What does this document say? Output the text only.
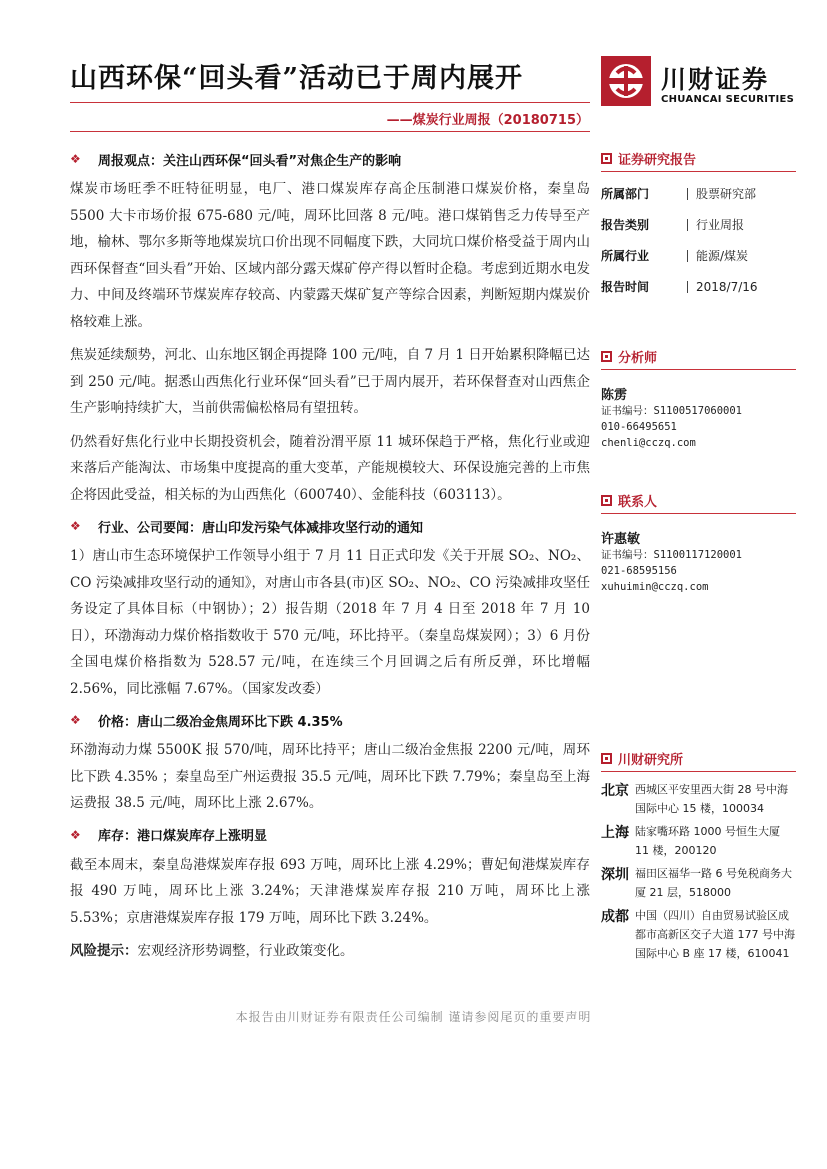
山西环保“回头看”活动已于周内展开
——煤炭行业周报（20180715）
川财证券
CHUANCAI SECURITIES
❖	周报观点：关注山西环保“回头看”对焦企生产的影响

煤炭市场旺季不旺特征明显，电厂、港口煤炭库存高企压制港口煤炭价格，秦皇岛 5500 大卡市场价报 675-680 元/吨，周环比回落 8 元/吨。港口煤销售乏力传导至产地，榆林、鄂尔多斯等地煤炭坑口价出现不同幅度下跌，大同坑口煤价格受益于周内山西环保督查“回头看”开始、区域内部分露天煤矿停产得以暂时企稳。考虑到近期水电发力、中间及终端环节煤炭库存较高、内蒙露天煤矿复产等综合因素，判断短期内煤炭价格较难上涨。

焦炭延续颓势，河北、山东地区钢企再提降 100 元/吨，自 7 月 1 日开始累积降幅已达到 250 元/吨。据悉山西焦化行业环保“回头看”已于周内展开，若环保督查对山西焦企生产影响持续扩大，当前供需偏松格局有望扭转。

仍然看好焦化行业中长期投资机会，随着汾渭平原 11 城环保趋于严格，焦化行业或迎来落后产能淘汰、市场集中度提高的重大变革，产能规模较大、环保设施完善的上市焦企将因此受益，相关标的为山西焦化（600740）、金能科技（603113）。

❖	行业、公司要闻：唐山印发污染气体减排攻坚行动的通知

1）唐山市生态环境保护工作领导小组于 7 月 11 日正式印发《关于开展 SO₂、NO₂、CO 污染减排攻坚行动的通知》，对唐山市各县(市)区 SO₂、NO₂、CO 污染减排攻坚任务设定了具体目标（中钢协）；2）报告期（2018 年 7 月 4 日至 2018 年 7 月 10 日），环渤海动力煤价格指数收于 570 元/吨，环比持平。（秦皇岛煤炭网）；3）6 月份全国电煤价格指数为 528.57 元/吨，在连续三个月回调之后有所反弹，环比增幅 2.56%，同比涨幅 7.67%。（国家发改委）

❖	价格：唐山二级冶金焦周环比下跌 4.35%

环渤海动力煤 5500K 报 570/吨，周环比持平；唐山二级冶金焦报 2200 元/吨，周环比下跌 4.35% ；秦皇岛至广州运费报 35.5 元/吨，周环比下跌 7.79%；秦皇岛至上海运费报 38.5 元/吨，周环比上涨 2.67%。

❖	库存：港口煤炭库存上涨明显

截至本周末，秦皇岛港煤炭库存报 693 万吨，周环比上涨 4.29%；曹妃甸港煤炭库存报 490 万吨，周环比上涨 3.24%；天津港煤炭库存报 210 万吨，周环比上涨 5.53%；京唐港煤炭库存报 179 万吨，周环比下跌 3.24%。

风险提示：宏观经济形势调整，行业政策变化。

证券研究报告
所属部门	股票研究部
报告类别	行业周报
所属行业	能源/煤炭
报告时间	2018/7/16
分析师
陈雳
证书编号：S1100517060001
010-66495651
chenli@cczq.com
联系人
许惠敏
证书编号：S1100117120001
021-68595156
xuhuimin@cczq.com
川财研究所
北京 西城区平安里西大街 28 号中海国际中心 15 楼，100034
上海 陆家嘴环路 1000 号恒生大厦 11 楼，200120
深圳 福田区福华一路 6 号免税商务大厦 21 层，518000
成都 中国（四川）自由贸易试验区成都市高新区交子大道 177 号中海国际中心 B 座 17 楼，610041
本报告由川财证券有限责任公司编制 谨请参阅尾页的重要声明
